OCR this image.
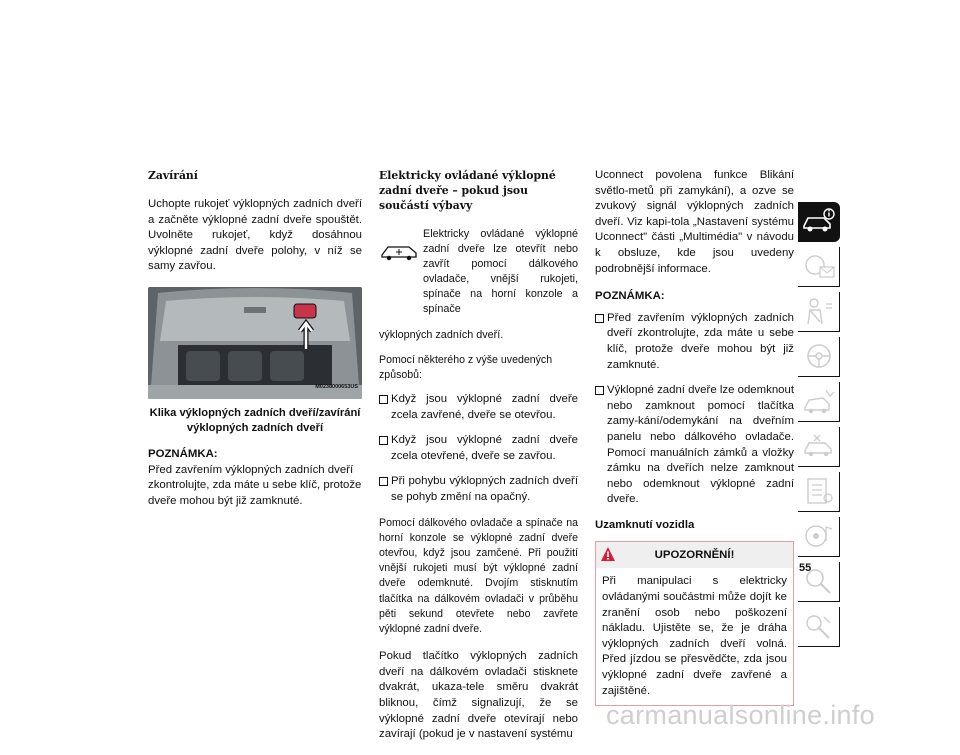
Zavírání

Uchopte rukojeť výklopných zadních dveří a začněte výklopné zadní dveře spouštět. Uvolněte rukojeť, když dosáhnou výklopné zadní dveře polohy, v níž se samy zavřou.

M0238000653US

Klika výklopných zadních dveří/zavírání výklopných zadních dveří

POZNÁMKA:

Před zavřením výklopných zadních dveří zkontrolujte, zda máte u sebe klíč, protože dveře mohou být již zamknuté.

Elektricky ovládané výklopné zadní dveře – pokud jsou součástí výbavy

Elektricky ovládané výklopné zadní dveře lze otevřít nebo zavřít pomocí dálkového ovladače, vnější rukojeti, spínače na horní konzole a spínače

výklopných zadních dveří.

Pomocí některého z výše uvedených způsobů:

Když jsou výklopné zadní dveře zcela zavřené, dveře se otevřou.

Když jsou výklopné zadní dveře zcela otevřené, dveře se zavřou.

Při pohybu výklopných zadních dveří se pohyb změní na opačný.

Pomocí dálkového ovladače a spínače na horní konzole se výklopné zadní dveře otevřou, když jsou zamčené. Při použití vnější rukojeti musí být výklopné zadní dveře odemknuté. Dvojím stisknutím tlačítka na dálkovém ovladači v průběhu pěti sekund otevřete nebo zavřete výklopné zadní dveře.

Pokud tlačítko výklopných zadních dveří na dálkovém ovladači stisknete dvakrát, ukaza-tele směru dvakrát bliknou, čímž signalizují, že se výklopné zadní dveře otevírají nebo zavírají (pokud je v nastavení systému

Uconnect povolena funkce Blikání světlo-metů při zamykání), a ozve se zvukový signál výklopných zadních dveří. Viz kapi-tola „Nastavení systému Uconnect" části „Multimédia" v návodu k obsluze, kde jsou uvedeny podrobnější informace.

POZNÁMKA:

Před zavřením výklopných zadních dveří zkontrolujte, zda máte u sebe klíč, protože dveře mohou být již zamknuté.

Výklopné zadní dveře lze odemknout nebo zamknout pomocí tlačítka zamy-kání/odemykání na dveřním panelu nebo dálkového ovladače. Pomocí manuálních zámků a vložky zámku na dveřích nelze zamknout nebo odemknout výklopné zadní dveře.

Uzamknutí vozidla

UPOZORNĚNÍ!

Při manipulaci s elektricky ovládanými součástmi může dojít ke zranění osob nebo poškození nákladu. Ujistěte se, že je dráha výklopných zadních dveří volná. Před jízdou se přesvědčte, zda jsou výklopné zadní dveře zavřené a zajištěné.

55
carmanualsonline.info
